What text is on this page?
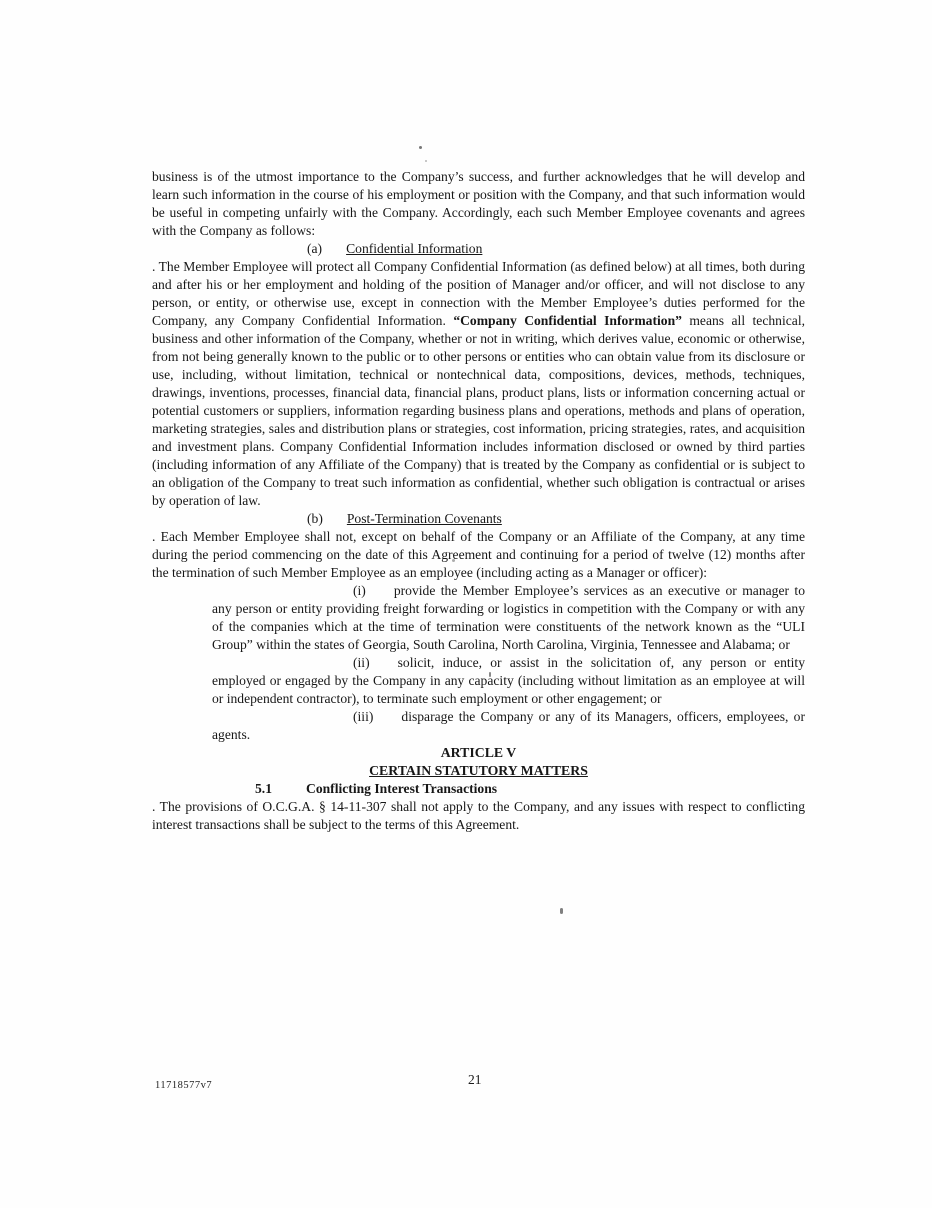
business is of the utmost importance to the Company’s success, and further acknowledges that he will develop and learn such information in the course of his employment or position with the Company, and that such information would be useful in competing unfairly with the Company. Accordingly, each such Member Employee covenants and agrees with the Company as follows:

(a) Confidential Information

. The Member Employee will protect all Company Confidential Information (as defined below) at all times, both during and after his or her employment and holding of the position of Manager and/or officer, and will not disclose to any person, or entity, or otherwise use, except in connection with the Member Employee’s duties performed for the Company, any Company Confidential Information. “Company Confidential Information” means all technical, business and other information of the Company, whether or not in writing, which derives value, economic or otherwise, from not being generally known to the public or to other persons or entities who can obtain value from its disclosure or use, including, without limitation, technical or nontechnical data, compositions, devices, methods, techniques, drawings, inventions, processes, financial data, financial plans, product plans, lists or information concerning actual or potential customers or suppliers, information regarding business plans and operations, methods and plans of operation, marketing strategies, sales and distribution plans or strategies, cost information, pricing strategies, rates, and acquisition and investment plans. Company Confidential Information includes information disclosed or owned by third parties (including information of any Affiliate of the Company) that is treated by the Company as confidential or is subject to an obligation of the Company to treat such information as confidential, whether such obligation is contractual or arises by operation of law.

(b) Post-Termination Covenants

. Each Member Employee shall not, except on behalf of the Company or an Affiliate of the Company, at any time during the period commencing on the date of this Agreement and continuing for a period of twelve (12) months after the termination of such Member Employee as an employee (including acting as a Manager or officer):

(i) provide the Member Employee’s services as an executive or manager to any person or entity providing freight forwarding or logistics in competition with the Company or with any of the companies which at the time of termination were constituents of the network known as the “ULI Group” within the states of Georgia, South Carolina, North Carolina, Virginia, Tennessee and Alabama; or

(ii) solicit, induce, or assist in the solicitation of, any person or entity employed or engaged by the Company in any capacity (including without limitation as an employee at will or independent contractor), to terminate such employment or other engagement; or

(iii) disparage the Company or any of its Managers, officers, employees, or agents.

ARTICLE V
CERTAIN STATUTORY MATTERS
5.1	Conflicting Interest Transactions

. The provisions of O.C.G.A. § 14-11-307 shall not apply to the Company, and any issues with respect to conflicting interest transactions shall be subject to the terms of this Agreement.

11718577v7	21
